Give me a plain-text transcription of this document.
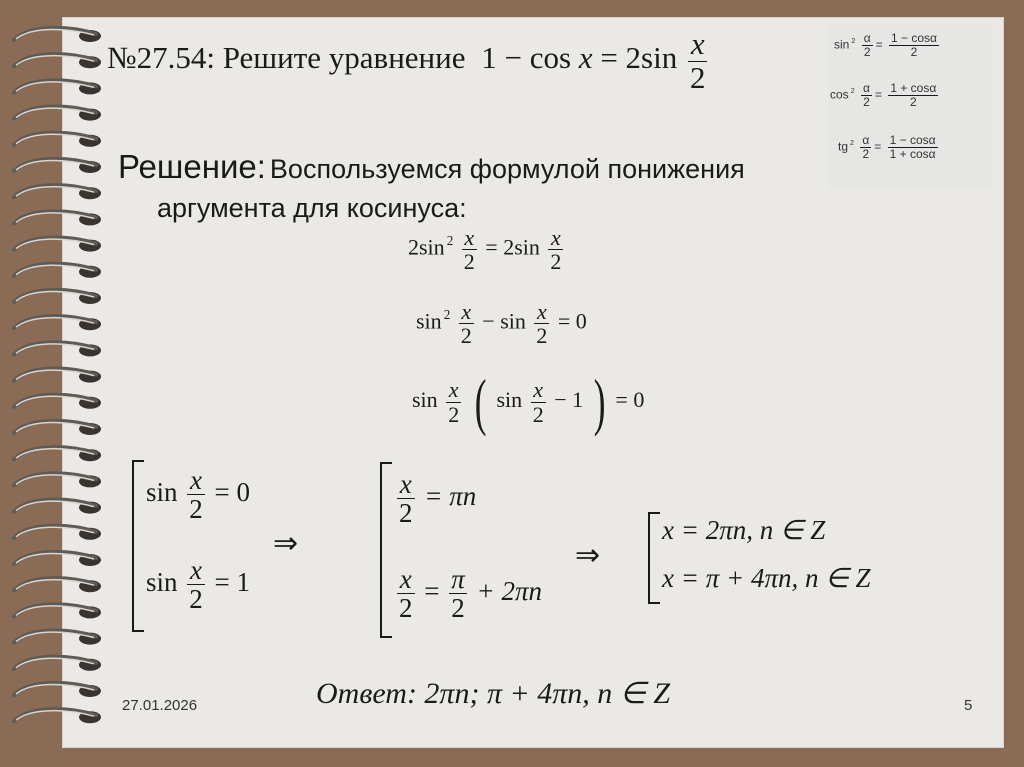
№27.54: Решите уравнение $1 - \cos x = 2\sin \frac{x}{2}$	$\sin ^2 \frac{\alpha}{2} = \frac{1 - \cos\alpha}{2}$
$\cos ^2 \frac{\alpha}{2} = \frac{1 + \cos\alpha}{2}$
tg $^2 \frac{\alpha}{2} = \frac{1 - \cos\alpha}{1 + \cos\alpha}$
Решение: Воспользуемся формулой понижения
аргумента для косинуса:
2sin $^2 \frac{x}{2} = 2\sin \frac{x}{2}$
$\sin ^2 \frac{x}{2} - \sin \frac{x}{2} = 0$
$\sin \frac{x}{2}$ ( $\sin \frac{x}{2} - 1$ ) = 0
$\sin \frac{x}{2} = 0$
$\sin \frac{x}{2} = 1$
⇒
$\frac{x}{2} = \pi n$
$\frac{x}{2} = \frac{\pi}{2} + 2\pi n$
⇒
x = 2πn, n ∈ Z
x = π + 4πn, n ∈ Z
Ответ: 2πn; π + 4πn, n ∈ Z
27.01.2026	5
